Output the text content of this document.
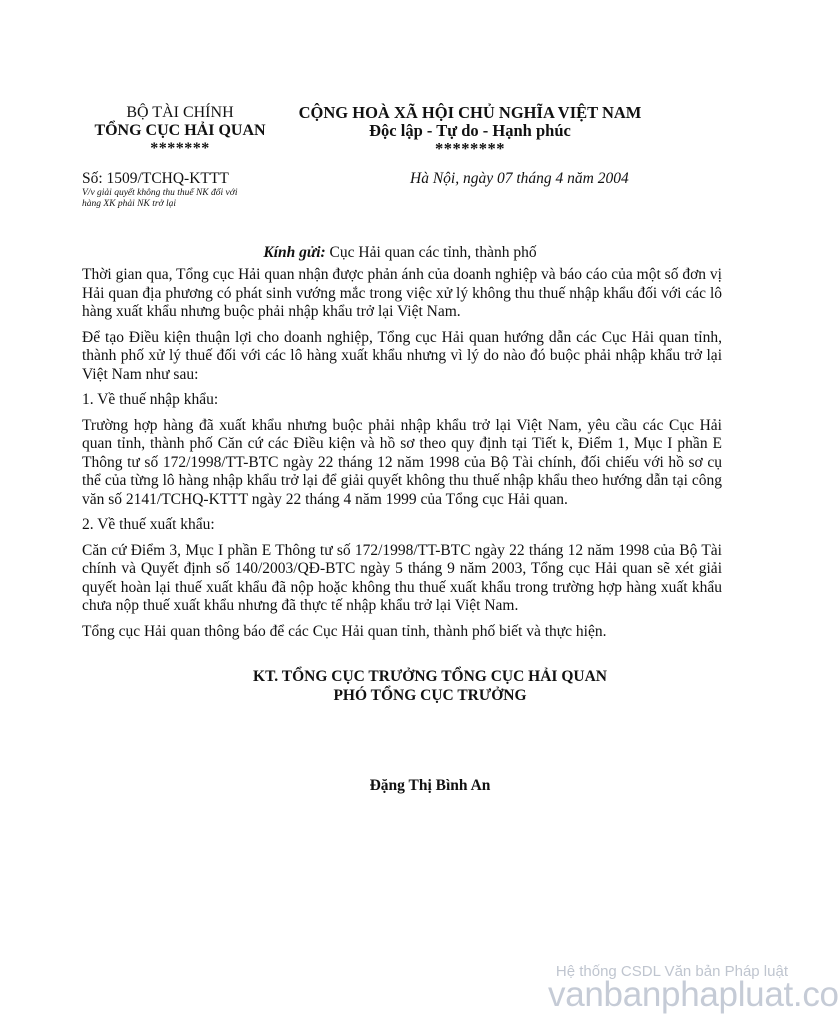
BỘ TÀI CHÍNH
TỔNG CỤC HẢI QUAN
*******
CỘNG HOÀ XÃ HỘI CHỦ NGHĨA VIỆT NAM
Độc lập - Tự do - Hạnh phúc
********
Số: 1509/TCHQ-KTTT
V/v giải quyết không thu thuế NK đối với
hàng XK phải NK trở lại
Hà Nội, ngày 07 tháng 4 năm 2004
Kính gửi: Cục Hải quan các tỉnh, thành phố

Thời gian qua, Tổng cục Hải quan nhận được phản ánh của doanh nghiệp và báo cáo của một số đơn vị Hải quan địa phương có phát sinh vướng mắc trong việc xử lý không thu thuế nhập khẩu đối với các lô hàng xuất khẩu nhưng buộc phải nhập khẩu trở lại Việt Nam.

Để tạo Điều kiện thuận lợi cho doanh nghiệp, Tổng cục Hải quan hướng dẫn các Cục Hải quan tỉnh, thành phố xử lý thuế đối với các lô hàng xuất khẩu nhưng vì lý do nào đó buộc phải nhập khẩu trở lại Việt Nam như sau:

1. Về thuế nhập khẩu:

Trường hợp hàng đã xuất khẩu nhưng buộc phải nhập khẩu trở lại Việt Nam, yêu cầu các Cục Hải quan tỉnh, thành phố Căn cứ các Điều kiện và hồ sơ theo quy định tại Tiết k, Điểm 1, Mục I phần E Thông tư số 172/1998/TT-BTC ngày 22 tháng 12 năm 1998 của Bộ Tài chính, đối chiếu với hồ sơ cụ thể của từng lô hàng nhập khẩu trở lại để giải quyết không thu thuế nhập khẩu theo hướng dẫn tại công văn số 2141/TCHQ-KTTT ngày 22 tháng 4 năm 1999 của Tổng cục Hải quan.

2. Về thuế xuất khẩu:

Căn cứ Điểm 3, Mục I phần E Thông tư số 172/1998/TT-BTC ngày 22 tháng 12 năm 1998 của Bộ Tài chính và Quyết định số 140/2003/QĐ-BTC ngày 5 tháng 9 năm 2003, Tổng cục Hải quan sẽ xét giải quyết hoàn lại thuế xuất khẩu đã nộp hoặc không thu thuế xuất khẩu trong trường hợp hàng xuất khẩu chưa nộp thuế xuất khẩu nhưng đã thực tế nhập khẩu trở lại Việt Nam.

Tổng cục Hải quan thông báo để các Cục Hải quan tỉnh, thành phố biết và thực hiện.

KT. TỔNG CỤC TRƯỞNG TỔNG CỤC HẢI QUAN
PHÓ TỔNG CỤC TRƯỞNG
Đặng Thị Bình An
Hệ thống CSDL Văn bản Pháp luật
vanbanphapluat.co
